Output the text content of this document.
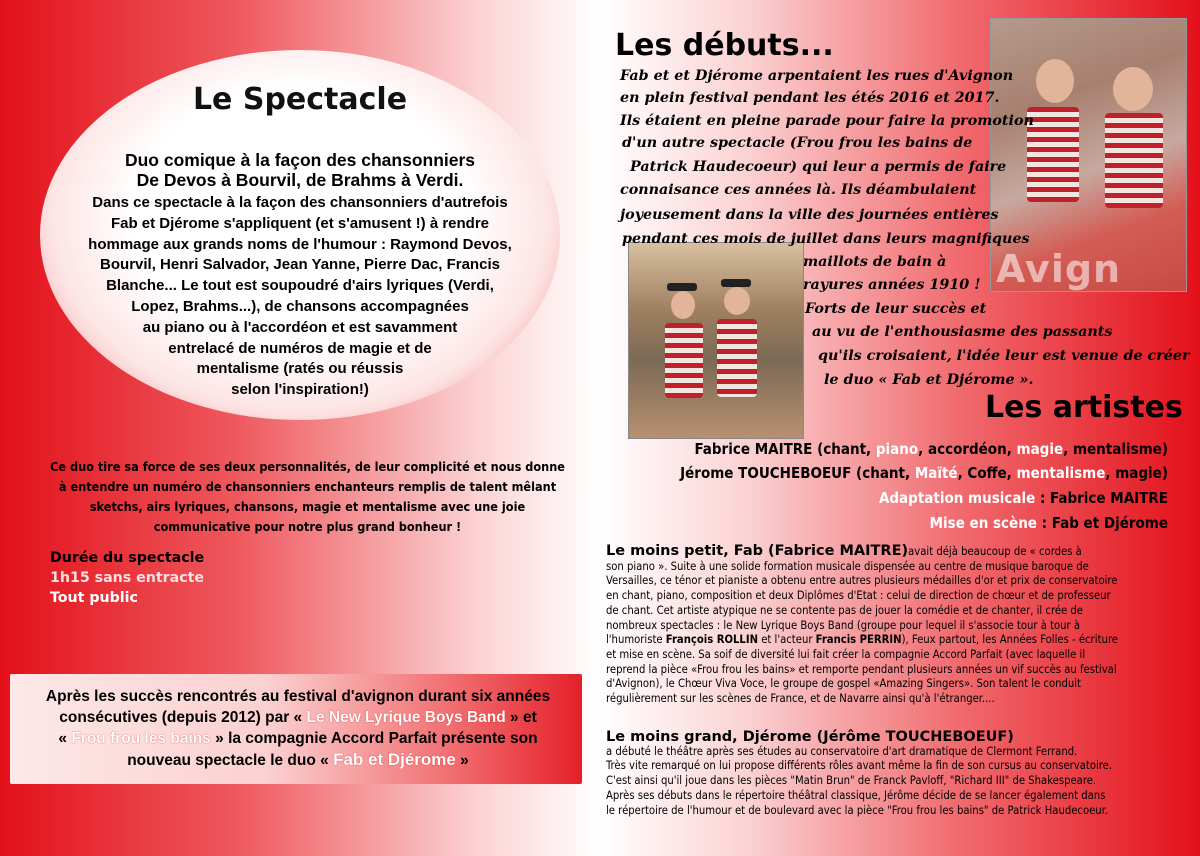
Le Spectacle
Duo comique à la façon des chansonniers
De Devos à Bourvil, de Brahms à Verdi.
Dans ce spectacle à la façon des chansonniers d'autrefois
Fab et Djérome s'appliquent (et s'amusent !) à rendre
hommage aux grands noms de l'humour : Raymond Devos,
Bourvil, Henri Salvador, Jean Yanne, Pierre Dac, Francis
Blanche... Le tout est soupoudré d'airs lyriques (Verdi,
Lopez, Brahms...), de chansons accompagnées
au piano ou à l'accordéon et est savamment
entrelacé de numéros de magie et de
mentalisme (ratés ou réussis
selon l'inspiration!)
Ce duo tire sa force de ses deux personnalités, de leur complicité et nous donne
à entendre un numéro de chansonniers enchanteurs remplis de talent mêlant
sketchs, airs lyriques, chansons, magie et mentalisme avec une joie
communicative pour notre plus grand bonheur !
Durée du spectacle
1h15 sans entracte
Tout public
Après les succès rencontrés au festival d'avignon durant six années
consécutives (depuis 2012) par « Le New Lyrique Boys Band » et
« Frou frou les bains » la compagnie Accord Parfait présente son
nouveau spectacle le duo « Fab et Djérome »
Avign
Les débuts...
Fab et et Djérome arpentaient les rues d'Avignon
en plein festival pendant les étés 2016 et 2017.
Ils étaient en pleine parade pour faire la promotion
d'un autre spectacle (Frou frou les bains de
Patrick Haudecoeur) qui leur a permis de faire
connaisance ces années là. Ils déambulaient
joyeusement dans la ville des journées entières
pendant ces mois de juillet dans leurs magnifiques
maillots de bain à
rayures années 1910 !
Forts de leur succès et
au vu de l'enthousiasme des passants
qu'ils croisaient, l'idée leur est venue de créer
le duo « Fab et Djérome ».
Les artistes
Fabrice MAITRE (chant, piano, accordéon, magie, mentalisme)
Jérome TOUCHEBOEUF (chant, Maïté, Coffe, mentalisme, magie)
Adaptation musicale : Fabrice MAITRE
Mise en scène : Fab et Djérome
Le moins petit, Fab (Fabrice MAITRE)avait déjà beaucoup de « cordes à
son piano ». Suite à une solide formation musicale dispensée au centre de musique baroque de
Versailles, ce ténor et pianiste a obtenu entre autres plusieurs médailles d'or et prix de conservatoire
en chant, piano, composition et deux Diplômes d'Etat : celui de direction de chœur et de professeur
de chant. Cet artiste atypique ne se contente pas de jouer la comédie et de chanter, il crée de
nombreux spectacles : le New Lyrique Boys Band (groupe pour lequel il s'associe tour à tour à
l'humoriste François ROLLIN et l'acteur Francis PERRIN), Feux partout, les Années Folles - écriture
et mise en scène. Sa soif de diversité lui fait créer la compagnie Accord Parfait (avec laquelle il
reprend la pièce «Frou frou les bains» et remporte pendant plusieurs années un vif succès au festival
d'Avignon), le Chœur Viva Voce, le groupe de gospel «Amazing Singers». Son talent le conduit
régulièrement sur les scènes de France, et de Navarre ainsi qu'à l'étranger....
Le moins grand, Djérome (Jérôme TOUCHEBOEUF)
a débuté le théâtre après ses études au conservatoire d'art dramatique de Clermont Ferrand.
Très vite remarqué on lui propose différents rôles avant même la fin de son cursus au conservatoire.
C'est ainsi qu'il joue dans les pièces "Matin Brun" de Franck Pavloff, "Richard III" de Shakespeare.
Après ses débuts dans le répertoire théâtral classique, Jérôme décide de se lancer également dans
le répertoire de l'humour et de boulevard avec la pièce "Frou frou les bains" de Patrick Haudecoeur.
